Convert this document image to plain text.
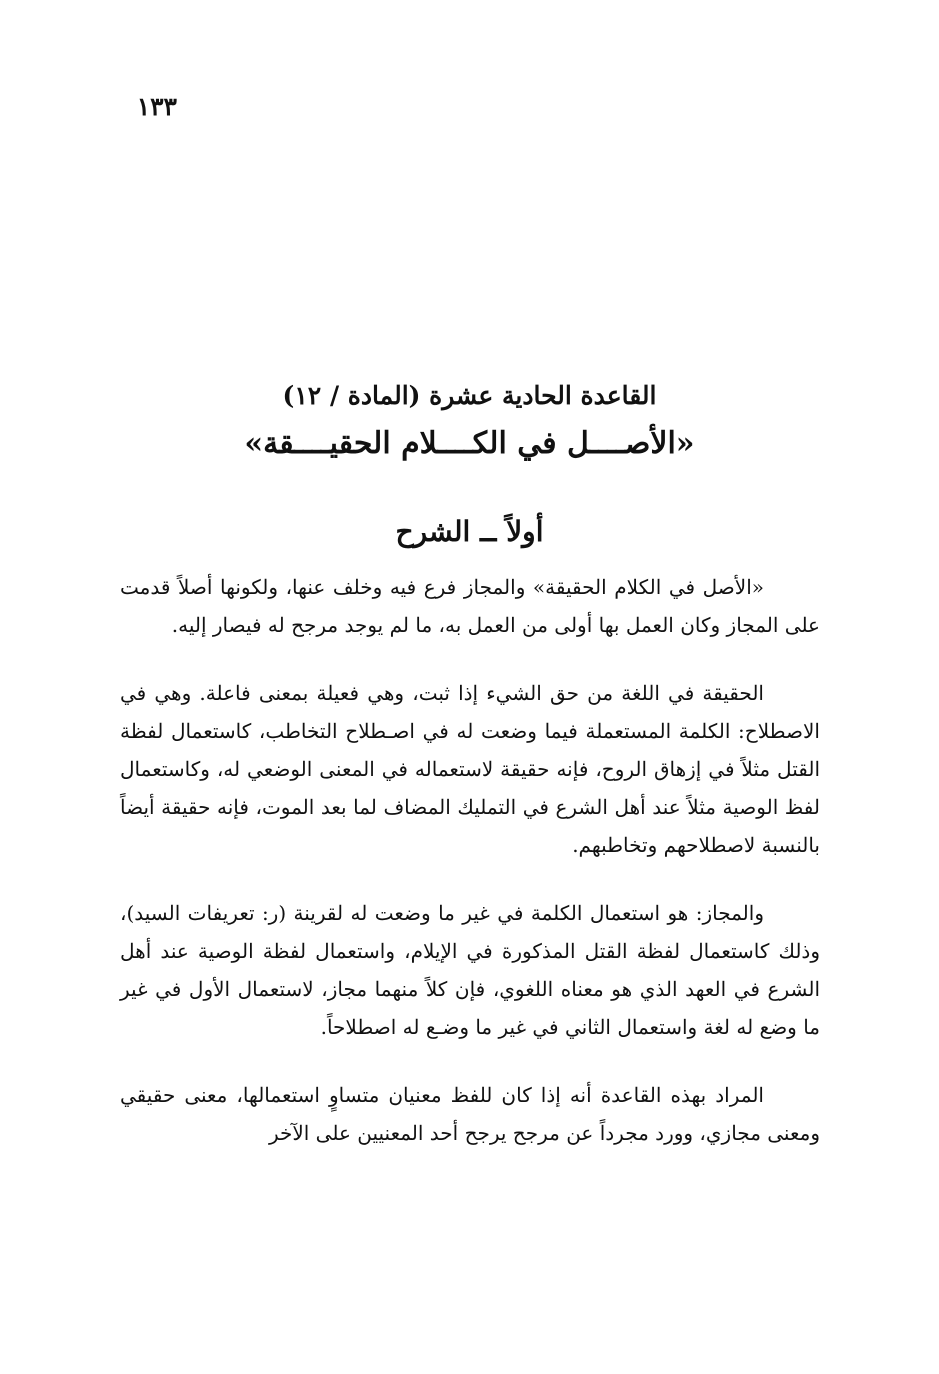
١٣٣
القاعدة الحادية عشرة (المادة / ١٢)
«الأصــــل في الكــــلام الحقيــــقة»
أولاً ــ الشرح

«الأصل في الكلام الحقيقة» والمجاز فرع فيه وخلف عنها، ولكونها أصلاً قدمت على المجاز وكان العمل بها أولى من العمل به، ما لم يوجد مرجح له فيصار إليه.

الحقيقة في اللغة من حق الشيء إذا ثبت، وهي فعيلة بمعنى فاعلة. وهي في الاصطلاح: الكلمة المستعملة فيما وضعت له في اصـطلاح التخاطب، كاستعمال لفظة القتل مثلاً في إزهاق الروح، فإنه حقيقة لاستعماله في المعنى الوضعي له، وكاستعمال لفظ الوصية مثلاً عند أهل الشرع في التمليك المضاف لما بعد الموت، فإنه حقيقة أيضاً بالنسبة لاصطلاحهم وتخاطبهم.

والمجاز: هو استعمال الكلمة في غير ما وضعت له لقرينة (ر: تعريفات السيد)، وذلك كاستعمال لفظة القتل المذكورة في الإيلام، واستعمال لفظة الوصية عند أهل الشرع في العهد الذي هو معناه اللغوي، فإن كلاً منهما مجاز، لاستعمال الأول في غير ما وضع له لغة واستعمال الثاني في غير ما وضـع له اصطلاحاً.

المراد بهذه القاعدة أنه إذا كان للفظ معنيان متساوٍ استعمالها، معنى حقيقي ومعنى مجازي، وورد مجرداً عن مرجح يرجح أحد المعنيين على الآخر
